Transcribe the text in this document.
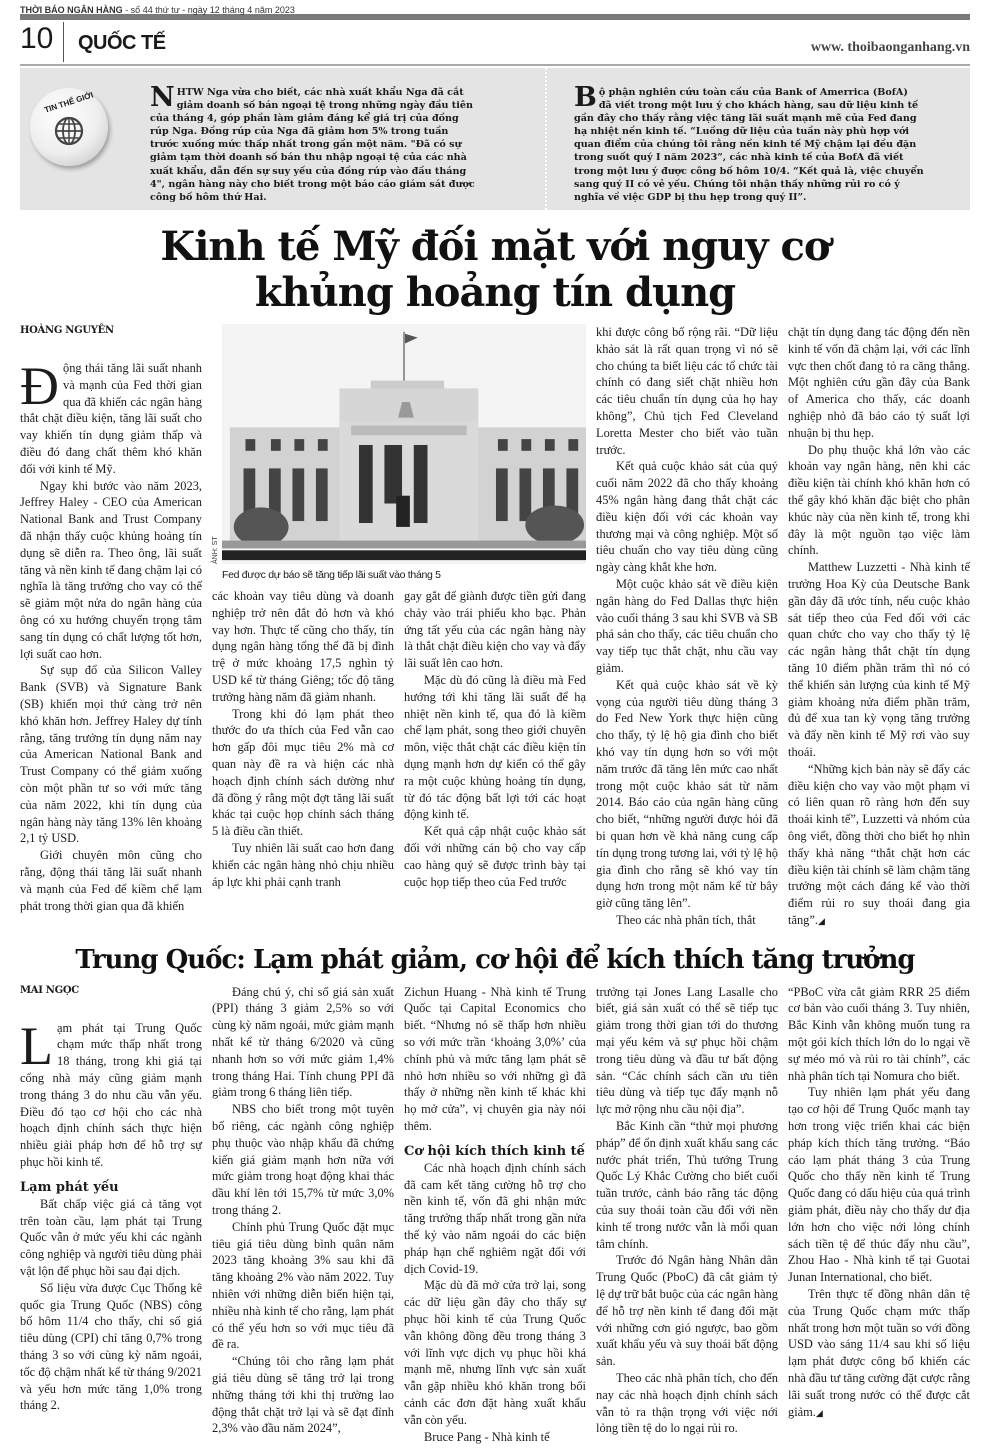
THỜI BÁO NGÂN HÀNG - số 44 thứ tư - ngày 12 tháng 4 năm 2023
10 QUỐC TẾ	www. thoibaonganhang.vn
TIN THẾ GIỚI	NHTW Nga vừa cho biết, các nhà xuất khẩu Nga đã cắt giảm doanh số bán ngoại tệ trong những ngày đầu tiên của tháng 4, góp phần làm giảm đáng kể giá trị của đồng rúp Nga. Đồng rúp của Nga đã giảm hơn 5% trong tuần trước xuống mức thấp nhất trong gần một năm. "Đã có sự giảm tạm thời doanh số bán thu nhập ngoại tệ của các nhà xuất khẩu, dẫn đến sự suy yếu của đồng rúp vào đầu tháng 4", ngân hàng này cho biết trong một báo cáo giám sát được công bố hôm thứ Hai.
Bộ phận nghiên cứu toàn cầu của Bank of Amerrica (BofA) đã viết trong một lưu ý cho khách hàng, sau dữ liệu kinh tế gần đây cho thấy rằng việc tăng lãi suất mạnh mẽ của Fed đang hạ nhiệt nền kinh tế. “Luồng dữ liệu của tuần này phù hợp với quan điểm của chúng tôi rằng nền kinh tế Mỹ chậm lại đều đặn trong suốt quý I năm 2023”, các nhà kinh tế của BofA đã viết trong một lưu ý được công bố hôm 10/4. “Kết quả là, việc chuyển sang quý II có vẻ yếu. Chúng tôi nhận thấy những rủi ro có ý nghĩa về việc GDP bị thu hẹp trong quý II”.
Kinh tế Mỹ đối mặt với nguy cơ
khủng hoảng tín dụng
HOÀNG NGUYÊN

Động thái tăng lãi suất nhanh và mạnh của Fed thời gian qua đã khiến các ngân hàng thắt chặt điều kiện, tăng lãi suất cho vay khiến tín dụng giảm thấp và điều đó đang chất thêm khó khăn đối với kinh tế Mỹ.

Ngay khi bước vào năm 2023, Jeffrey Haley - CEO của American National Bank and Trust Company đã nhận thấy cuộc khủng hoảng tín dụng sẽ diễn ra. Theo ông, lãi suất tăng và nền kinh tế đang chậm lại có nghĩa là tăng trưởng cho vay có thể sẽ giảm một nửa do ngân hàng của ông có xu hướng chuyển trọng tâm sang tín dụng có chất lượng tốt hơn, lợi suất cao hơn.

Sự sụp đổ của Silicon Valley Bank (SVB) và Signature Bank (SB) khiến mọi thứ càng trở nên khó khăn hơn. Jeffrey Haley dự tính rằng, tăng trưởng tín dụng năm nay của American National Bank and Trust Company có thể giảm xuống còn một phần tư so với mức tăng của năm 2022, khi tín dụng của ngân hàng này tăng 13% lên khoảng 2,1 tỷ USD.

Giới chuyên môn cũng cho rằng, động thái tăng lãi suất nhanh và mạnh của Fed để kiềm chế lạm phát trong thời gian qua đã khiến

ẢNH: ST
Fed được dự báo sẽ tăng tiếp lãi suất vào tháng 5

các khoản vay tiêu dùng và doanh nghiệp trở nên đắt đỏ hơn và khó vay hơn. Thực tế cũng cho thấy, tín dụng ngân hàng tổng thể đã bị đình trệ ở mức khoảng 17,5 nghìn tỷ USD kể từ tháng Giêng; tốc độ tăng trưởng hàng năm đã giảm nhanh.

Trong khi đó lạm phát theo thước đo ưa thích của Fed vẫn cao hơn gấp đôi mục tiêu 2% mà cơ quan này đề ra và hiện các nhà hoạch định chính sách dường như đã đồng ý rằng một đợt tăng lãi suất khác tại cuộc họp chính sách tháng 5 là điều cần thiết.

Tuy nhiên lãi suất cao hơn đang khiến các ngân hàng nhỏ chịu nhiều áp lực khi phải cạnh tranh

gay gắt để giành được tiền gửi đang chảy vào trái phiếu kho bạc. Phản ứng tất yếu của các ngân hàng này là thắt chặt điều kiện cho vay và đẩy lãi suất lên cao hơn.

Mặc dù đó cũng là điều mà Fed hướng tới khi tăng lãi suất để hạ nhiệt nền kinh tế, qua đó là kiềm chế lạm phát, song theo giới chuyên môn, việc thắt chặt các điều kiện tín dụng mạnh hơn dự kiến có thể gây ra một cuộc khủng hoảng tín dụng, từ đó tác động bất lợi tới các hoạt động kinh tế.

Kết quả cập nhật cuộc khảo sát đối với những cán bộ cho vay cấp cao hàng quý sẽ được trình bày tại cuộc họp tiếp theo của Fed trước

khi được công bố rộng rãi. “Dữ liệu khảo sát là rất quan trọng vì nó sẽ cho chúng ta biết liệu các tổ chức tài chính có đang siết chặt nhiều hơn các tiêu chuẩn tín dụng của họ hay không”, Chủ tịch Fed Cleveland Loretta Mester cho biết vào tuần trước.

Kết quả cuộc khảo sát của quý cuối năm 2022 đã cho thấy khoảng 45% ngân hàng đang thắt chặt các điều kiện đối với các khoản vay thương mại và công nghiệp. Một số tiêu chuẩn cho vay tiêu dùng cũng ngày càng khắt khe hơn.

Một cuộc khảo sát về điều kiện ngân hàng do Fed Dallas thực hiện vào cuối tháng 3 sau khi SVB và SB phá sản cho thấy, các tiêu chuẩn cho vay tiếp tục thắt chặt, nhu cầu vay giảm.

Kết quả cuộc khảo sát về kỳ vọng của người tiêu dùng tháng 3 do Fed New York thực hiện cũng cho thấy, tỷ lệ hộ gia đình cho biết khó vay tín dụng hơn so với một năm trước đã tăng lên mức cao nhất trong một cuộc khảo sát từ năm 2014. Báo cáo của ngân hàng cũng cho biết, “những người được hỏi đã bi quan hơn về khả năng cung cấp tín dụng trong tương lai, với tỷ lệ hộ gia đình cho rằng sẽ khó vay tín dụng hơn trong một năm kể từ bây giờ cũng tăng lên”.

Theo các nhà phân tích, thắt

chặt tín dụng đang tác động đến nền kinh tế vốn đã chậm lại, với các lĩnh vực then chốt đang tỏ ra căng thẳng. Một nghiên cứu gần đây của Bank of America cho thấy, các doanh nghiệp nhỏ đã báo cáo tỷ suất lợi nhuận bị thu hẹp.

Do phụ thuộc khá lớn vào các khoản vay ngân hàng, nên khi các điều kiện tài chính khó khăn hơn có thể gây khó khăn đặc biệt cho phân khúc này của nền kinh tế, trong khi đây là một nguồn tạo việc làm chính.

Matthew Luzzetti - Nhà kinh tế trưởng Hoa Kỳ của Deutsche Bank gần đây đã ước tính, nếu cuộc khảo sát tiếp theo của Fed đối với các quan chức cho vay cho thấy tỷ lệ các ngân hàng thắt chặt tín dụng tăng 10 điểm phần trăm thì nó có thể khiến sản lượng của kinh tế Mỹ giảm khoảng nửa điểm phần trăm, đủ để xua tan kỳ vọng tăng trưởng và đẩy nền kinh tế Mỹ rơi vào suy thoái.

“Những kịch bản này sẽ đẩy các điều kiện cho vay vào một phạm vi có liên quan rõ ràng hơn đến suy thoái kinh tế”, Luzzetti và nhóm của ông viết, đồng thời cho biết họ nhìn thấy khả năng “thắt chặt hơn các điều kiện tài chính sẽ làm chậm tăng trưởng một cách đáng kể vào thời điểm rủi ro suy thoái đang gia tăng”.◢

Trung Quốc: Lạm phát giảm, cơ hội để kích thích tăng trưởng
MAI NGỌC

Lạm phát tại Trung Quốc chạm mức thấp nhất trong 18 tháng, trong khi giá tại cổng nhà máy cũng giảm mạnh trong tháng 3 do nhu cầu vẫn yếu. Điều đó tạo cơ hội cho các nhà hoạch định chính sách thực hiện nhiều giải pháp hơn để hỗ trợ sự phục hồi kinh tế.

Lạm phát yếu

Bất chấp việc giá cả tăng vọt trên toàn cầu, lạm phát tại Trung Quốc vẫn ở mức yếu khi các ngành công nghiệp và người tiêu dùng phải vật lộn để phục hồi sau đại dịch.

Số liệu vừa được Cục Thống kê quốc gia Trung Quốc (NBS) công bố hôm 11/4 cho thấy, chỉ số giá tiêu dùng (CPI) chỉ tăng 0,7% trong tháng 3 so với cùng kỳ năm ngoái, tốc độ chậm nhất kể từ tháng 9/2021 và yếu hơn mức tăng 1,0% trong tháng 2.

Đáng chú ý, chỉ số giá sản xuất (PPI) tháng 3 giảm 2,5% so với cùng kỳ năm ngoái, mức giảm mạnh nhất kể từ tháng 6/2020 và cũng nhanh hơn so với mức giảm 1,4% trong tháng Hai. Tính chung PPI đã giảm trong 6 tháng liên tiếp.

NBS cho biết trong một tuyên bố riêng, các ngành công nghiệp phụ thuộc vào nhập khẩu đã chứng kiến giá giảm mạnh hơn nữa với mức giảm trong hoạt động khai thác dầu khí lên tới 15,7% từ mức 3,0% trong tháng 2.

Chính phủ Trung Quốc đặt mục tiêu giá tiêu dùng bình quân năm 2023 tăng khoảng 3% sau khi đã tăng khoảng 2% vào năm 2022. Tuy nhiên với những diễn biến hiện tại, nhiều nhà kinh tế cho rằng, lạm phát có thể yếu hơn so với mục tiêu đã đề ra.

“Chúng tôi cho rằng lạm phát giá tiêu dùng sẽ tăng trở lại trong những tháng tới khi thị trường lao động thắt chặt trở lại và sẽ đạt đỉnh 2,3% vào đầu năm 2024”,

Zichun Huang - Nhà kinh tế Trung Quốc tại Capital Economics cho biết. “Nhưng nó sẽ thấp hơn nhiều so với mức trần ‘khoảng 3,0%’ của chính phủ và mức tăng lạm phát sẽ nhỏ hơn nhiều so với những gì đã thấy ở những nền kinh tế khác khi họ mở cửa”, vị chuyên gia này nói thêm.

Cơ hội kích thích kinh tế

Các nhà hoạch định chính sách đã cam kết tăng cường hỗ trợ cho nền kinh tế, vốn đã ghi nhận mức tăng trưởng thấp nhất trong gần nửa thế kỷ vào năm ngoái do các biện pháp hạn chế nghiêm ngặt đối với dịch Covid-19.

Mặc dù đã mở cửa trở lại, song các dữ liệu gần đây cho thấy sự phục hồi kinh tế của Trung Quốc vẫn không đồng đều trong tháng 3 với lĩnh vực dịch vụ phục hồi khá mạnh mẽ, nhưng lĩnh vực sản xuất vẫn gặp nhiều khó khăn trong bối cảnh các đơn đặt hàng xuất khẩu vẫn còn yếu.

Bruce Pang - Nhà kinh tế

trưởng tại Jones Lang Lasalle cho biết, giá sản xuất có thể sẽ tiếp tục giảm trong thời gian tới do thương mại yếu kém và sự phục hồi chậm trong tiêu dùng và đầu tư bất động sản. “Các chính sách cần ưu tiên tiêu dùng và tiếp tục đẩy mạnh nỗ lực mở rộng nhu cầu nội địa”.

Bắc Kinh cần “thử mọi phương pháp” để ổn định xuất khẩu sang các nước phát triển, Thủ tướng Trung Quốc Lý Khắc Cường cho biết cuối tuần trước, cảnh báo rằng tác động của suy thoái toàn cầu đối với nền kinh tế trong nước vẫn là mối quan tâm chính.

Trước đó Ngân hàng Nhân dân Trung Quốc (PboC) đã cắt giảm tỷ lệ dự trữ bắt buộc của các ngân hàng để hỗ trợ nền kinh tế đang đối mặt với những cơn gió ngược, bao gồm xuất khẩu yếu và suy thoái bất động sản.

Theo các nhà phân tích, cho đến nay các nhà hoạch định chính sách vẫn tỏ ra thận trọng với việc nới lỏng tiền tệ do lo ngại rủi ro.

“PBoC vừa cắt giảm RRR 25 điểm cơ bản vào cuối tháng 3. Tuy nhiên, Bắc Kinh vẫn không muốn tung ra một gói kích thích lớn do lo ngại về sự méo mó và rủi ro tài chính”, các nhà phân tích tại Nomura cho biết.

Tuy nhiên lạm phát yếu đang tạo cơ hội để Trung Quốc mạnh tay hơn trong việc triển khai các biện pháp kích thích tăng trưởng. “Báo cáo lạm phát tháng 3 của Trung Quốc cho thấy nền kinh tế Trung Quốc đang có dấu hiệu của quá trình giảm phát, điều này cho thấy dư địa lớn hơn cho việc nới lỏng chính sách tiền tệ để thúc đẩy nhu cầu”, Zhou Hao - Nhà kinh tế tại Guotai Junan International, cho biết.

Trên thực tế đồng nhân dân tệ của Trung Quốc chạm mức thấp nhất trong hơn một tuần so với đồng USD vào sáng 11/4 sau khi số liệu lạm phát được công bố khiến các nhà đầu tư tăng cường đặt cược rằng lãi suất trong nước có thể được cắt giảm.◢
